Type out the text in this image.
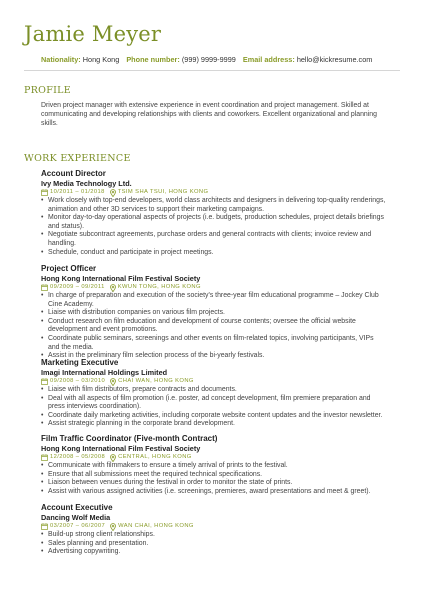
Jamie Meyer
Nationality: Hong Kong Phone number: (999) 9999-9999 Email address: hello@kickresume.com
PROFILE
Driven project manager with extensive experience in event coordination and project management. Skilled at communicating and developing relationships with clients and coworkers. Excellent organizational and planning skills.
WORK EXPERIENCE
Account Director
Ivy Media Technology Ltd.
10/2011 – 01/2018 TSIM SHA TSUI, HONG KONG
• Work closely with top-end developers, world class architects and designers in delivering top-quality renderings, animation and other 3D services to support their marketing campaigns.
• Monitor day-to-day operational aspects of projects (i.e. budgets, production schedules, project details briefings and status).
• Negotiate subcontract agreements, purchase orders and general contracts with clients; invoice review and handling.
• Schedule, conduct and participate in project meetings.
Project Officer
Hong Kong International Film Festival Society
09/2009 – 09/2011 KWUN TONG, HONG KONG
• In charge of preparation and execution of the society's three-year film educational programme – Jockey Club Cine Academy.
• Liaise with distribution companies on various film projects.
• Conduct research on film education and development of course contents; oversee the official website development and event promotions.
• Coordinate public seminars, screenings and other events on film-related topics, involving participants, VIPs and the media.
• Assist in the preliminary film selection process of the bi-yearly festivals.
Marketing Executive
Imagi International Holdings Limited
09/2008 – 03/2010 CHAI WAN, HONG KONG
• Liaise with film distributors, prepare contracts and documents.
• Deal with all aspects of film promotion (i.e. poster, ad concept development, film premiere preparation and press interviews coordination).
• Coordinate daily marketing activities, including corporate website content updates and the investor newsletter.
• Assist strategic planning in the corporate brand development.
Film Traffic Coordinator (Five-month Contract)
Hong Kong International Film Festival Society
12/2008 – 05/2008 CENTRAL, HONG KONG
• Communicate with filmmakers to ensure a timely arrival of prints to the festival.
• Ensure that all submissions meet the required technical specifications.
• Liaison between venues during the festival in order to monitor the state of prints.
• Assist with various assigned activities (i.e. screenings, premieres, award presentations and meet & greet).
Account Executive
Dancing Wolf Media
03/2007 – 06/2007 WAN CHAI, HONG KONG
• Build-up strong client relationships.
• Sales planning and presentation.
• Advertising copywriting.
